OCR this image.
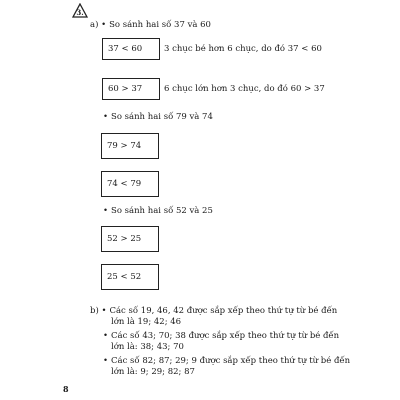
3.
a) • So sánh hai số 37 và 60
37 < 60	3 chục bé hơn 6 chục, do đó 37 < 60
60 > 37	6 chục lớn hơn 3 chục, do đó 60 > 37
• So sánh hai số 79 và 74
79 > 74
74 < 79
• So sánh hai số 52 và 25
52 > 25
25 < 52
b) • Các số 19, 46, 42 được sắp xếp theo thứ tự từ bé đến
lớn là 19; 42; 46
• Các số 43; 70; 38 được sắp xếp theo thứ tự từ bé đến
lớn là: 38; 43; 70
• Các số 82; 87; 29; 9 được sắp xếp theo thứ tự từ bé đến
lớn là: 9; 29; 82; 87
8
